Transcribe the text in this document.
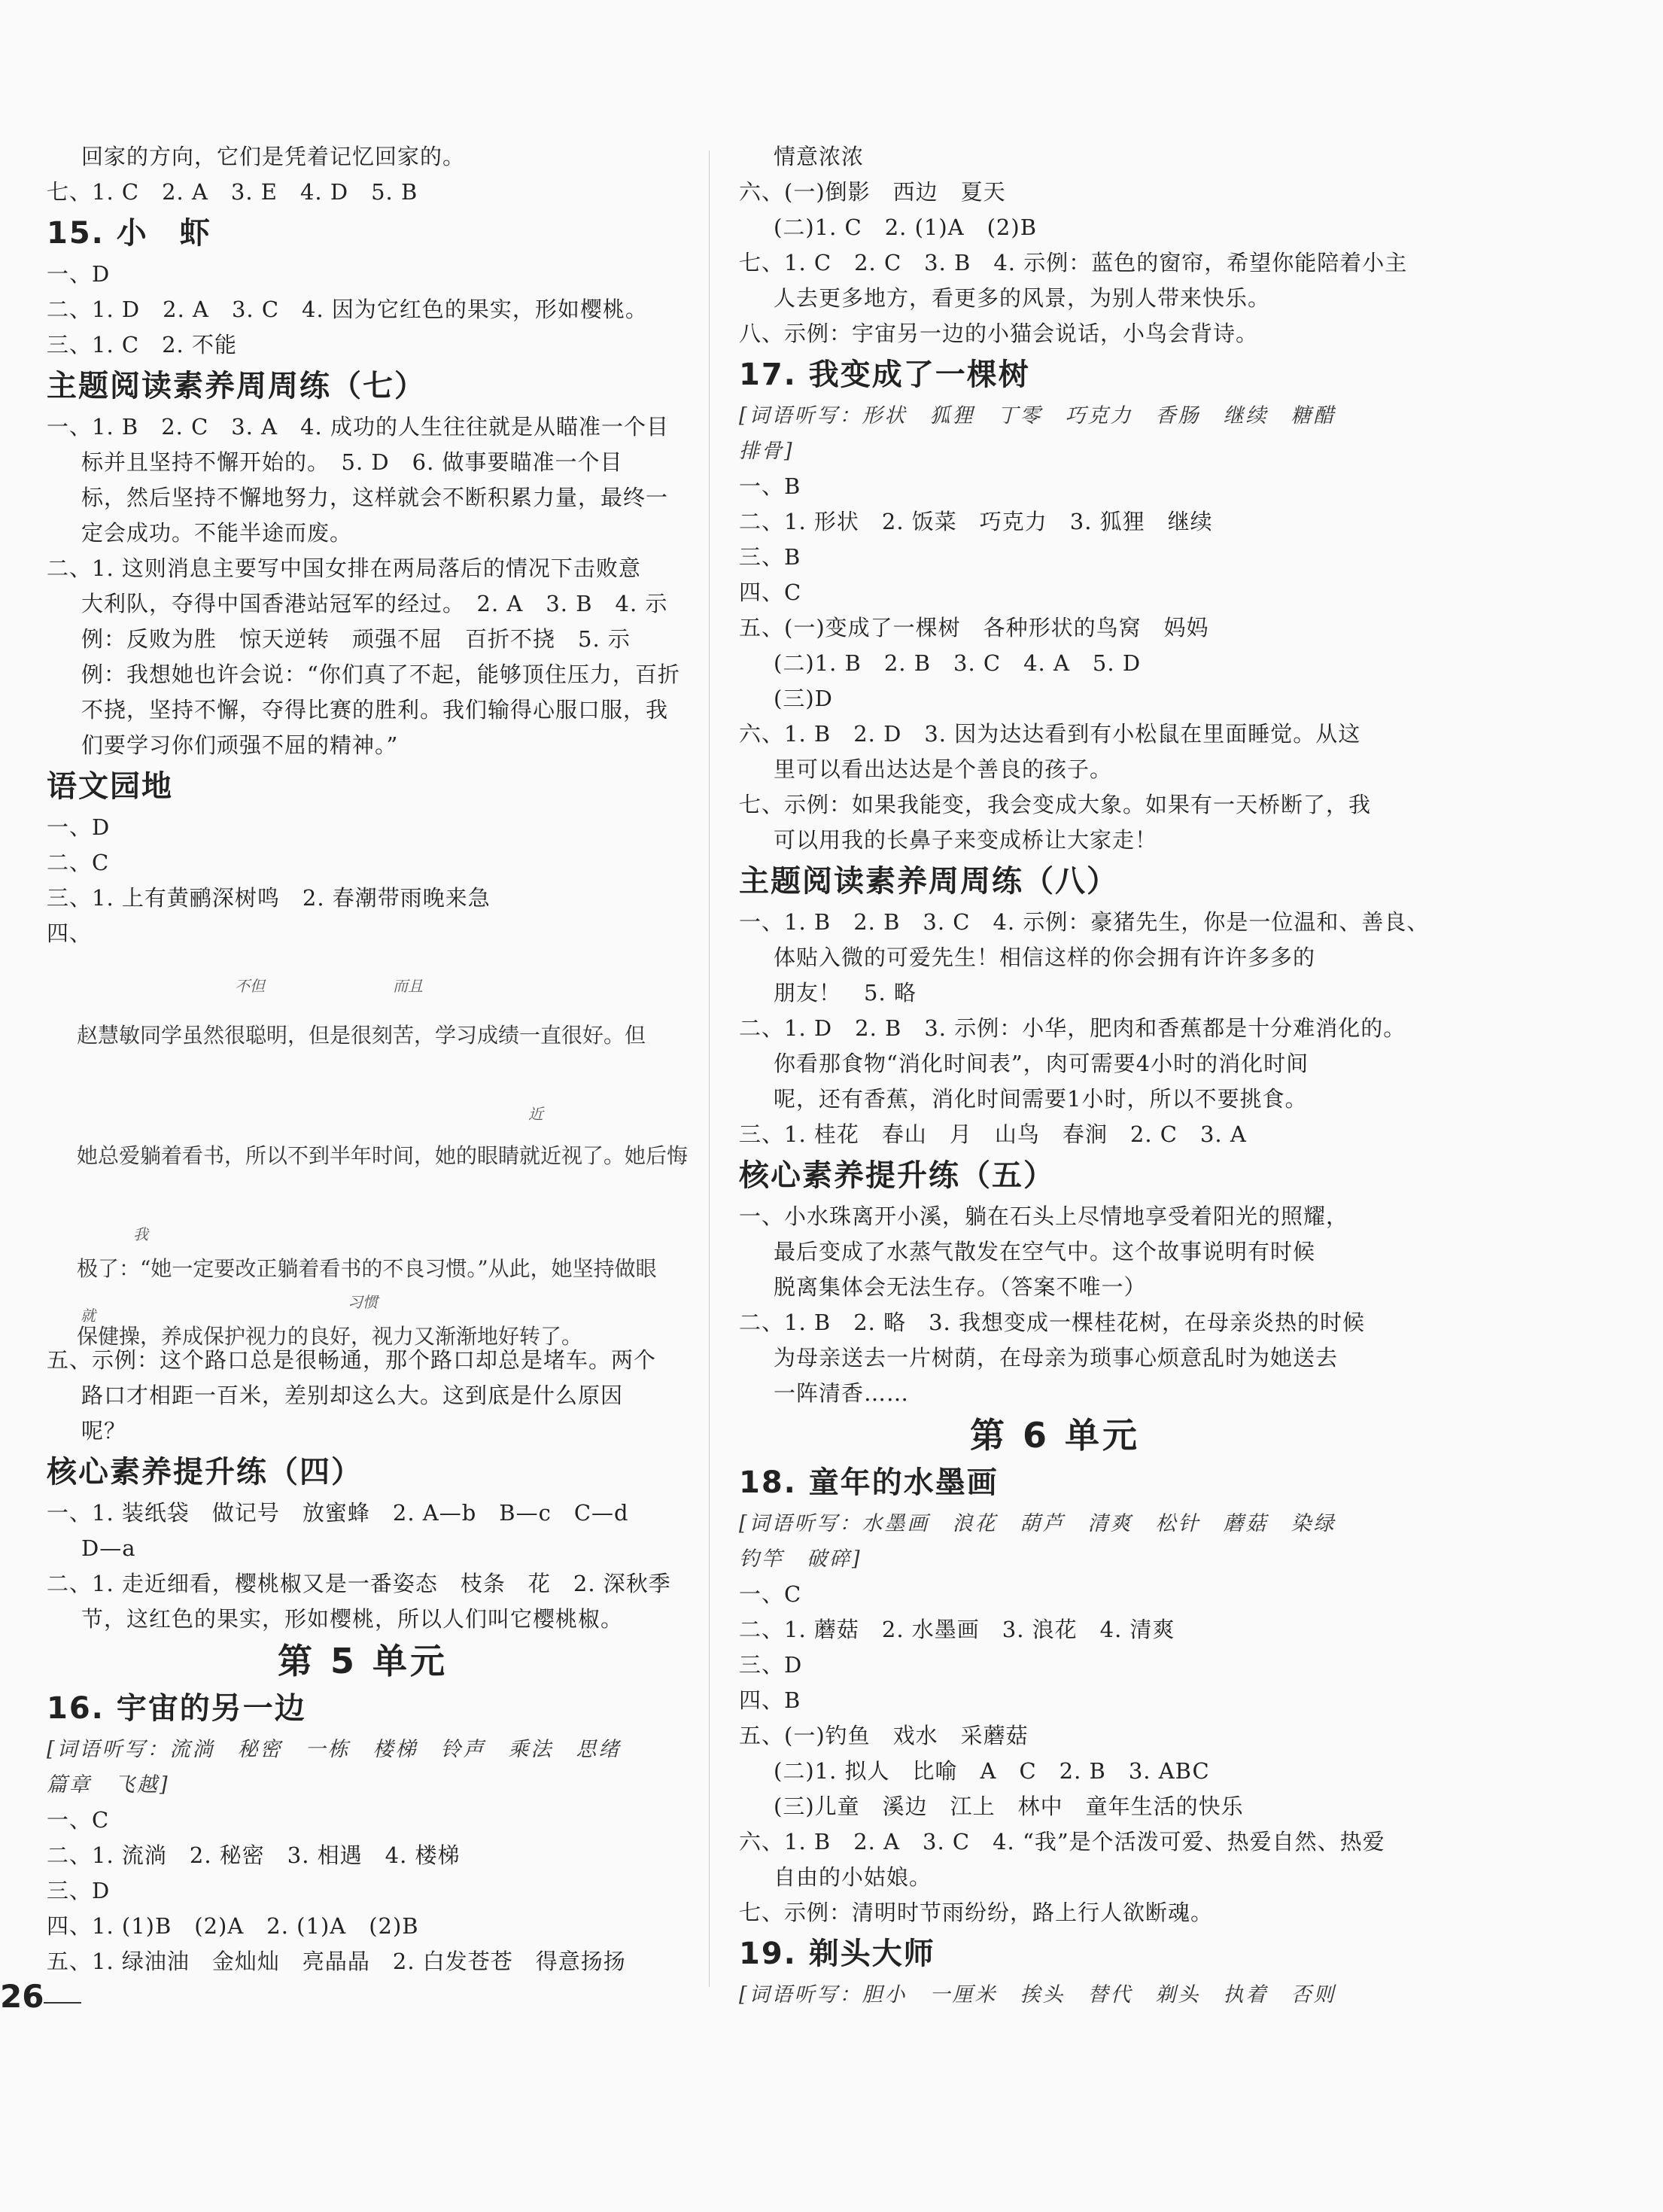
回家的方向，它们是凭着记忆回家的。
七、1. C　2. A　3. E　4. D　5. B
15. 小　虾
一、D
二、1. D　2. A　3. C　4. 因为它红色的果实，形如樱桃。
三、1. C　2. 不能
主题阅读素养周周练（七）
一、1. B　2. C　3. A　4. 成功的人生往往就是从瞄准一个目
标并且坚持不懈开始的。　5. D　6. 做事要瞄准一个目
标，然后坚持不懈地努力，这样就会不断积累力量，最终一
定会成功。不能半途而废。
二、1. 这则消息主要写中国女排在两局落后的情况下击败意
大利队，夺得中国香港站冠军的经过。　2. A　3. B　4. 示
例：反败为胜　惊天逆转　顽强不屈　百折不挠　5. 示
例：我想她也许会说：“你们真了不起，能够顶住压力，百折
不挠，坚持不懈，夺得比赛的胜利。我们输得心服口服，我
们要学习你们顽强不屈的精神。”
语文园地
一、D
二、C
三、1. 上有黄鹂深树鸣　2. 春潮带雨晚来急
四、
不但	而且
赵慧敏同学虽然很聪明，但是很刻苦，学习成绩一直很好。但
近
她总爱躺着看书，所以不到半年时间，她的眼睛就近视了。她后悔
我
极了：“她一定要改正躺着看书的不良习惯。”从此，她坚持做眼
习惯
就
保健操，养成保护视力的良好，视力又渐渐地好转了。
五、示例：这个路口总是很畅通，那个路口却总是堵车。两个
路口才相距一百米，差别却这么大。这到底是什么原因
呢？
核心素养提升练（四）
一、1. 装纸袋　做记号　放蜜蜂　2. A—b　B—c　C—d
D—a
二、1. 走近细看，樱桃椒又是一番姿态　枝条　花　2. 深秋季
节，这红色的果实，形如樱桃，所以人们叫它樱桃椒。
第 5 单元
16. 宇宙的另一边
[词语听写：流淌　秘密　一栋　楼梯　铃声　乘法　思绪
篇章　飞越]
一、C
二、1. 流淌　2. 秘密　3. 相遇　4. 楼梯
三、D
四、1. (1)B　(2)A　2. (1)A　(2)B
五、1. 绿油油　金灿灿　亮晶晶　2. 白发苍苍　得意扬扬
情意浓浓
六、(一)倒影　西边　夏天
(二)1. C　2. (1)A　(2)B
七、1. C　2. C　3. B　4. 示例：蓝色的窗帘，希望你能陪着小主
人去更多地方，看更多的风景，为别人带来快乐。
八、示例：宇宙另一边的小猫会说话，小鸟会背诗。
17. 我变成了一棵树
[词语听写：形状　狐狸　丁零　巧克力　香肠　继续　糖醋
排骨]
一、B
二、1. 形状　2. 饭菜　巧克力　3. 狐狸　继续
三、B
四、C
五、(一)变成了一棵树　各种形状的鸟窝　妈妈
(二)1. B　2. B　3. C　4. A　5. D
(三)D
六、1. B　2. D　3. 因为达达看到有小松鼠在里面睡觉。从这
里可以看出达达是个善良的孩子。
七、示例：如果我能变，我会变成大象。如果有一天桥断了，我
可以用我的长鼻子来变成桥让大家走！
主题阅读素养周周练（八）
一、1. B　2. B　3. C　4. 示例：豪猪先生，你是一位温和、善良、
体贴入微的可爱先生！相信这样的你会拥有许许多多的
朋友！　5. 略
二、1. D　2. B　3. 示例：小华，肥肉和香蕉都是十分难消化的。
你看那食物“消化时间表”，肉可需要4小时的消化时间
呢，还有香蕉，消化时间需要1小时，所以不要挑食。
三、1. 桂花　春山　月　山鸟　春涧　2. C　3. A
核心素养提升练（五）
一、小水珠离开小溪，躺在石头上尽情地享受着阳光的照耀，
最后变成了水蒸气散发在空气中。这个故事说明有时候
脱离集体会无法生存。（答案不唯一）
二、1. B　2. 略　3. 我想变成一棵桂花树，在母亲炎热的时候
为母亲送去一片树荫，在母亲为琐事心烦意乱时为她送去
一阵清香……
第 6 单元
18. 童年的水墨画
[词语听写：水墨画　浪花　葫芦　清爽　松针　蘑菇　染绿
钓竿　破碎]
一、C
二、1. 蘑菇　2. 水墨画　3. 浪花　4. 清爽
三、D
四、B
五、(一)钓鱼　戏水　采蘑菇
(二)1. 拟人　比喻　A　C　2. B　3. ABC
(三)儿童　溪边　江上　林中　童年生活的快乐
六、1. B　2. A　3. C　4. “我”是个活泼可爱、热爱自然、热爱
自由的小姑娘。
七、示例：清明时节雨纷纷，路上行人欲断魂。
19. 剃头大师
[词语听写：胆小　一厘米　挨头　替代　剃头　执着　否则
26
